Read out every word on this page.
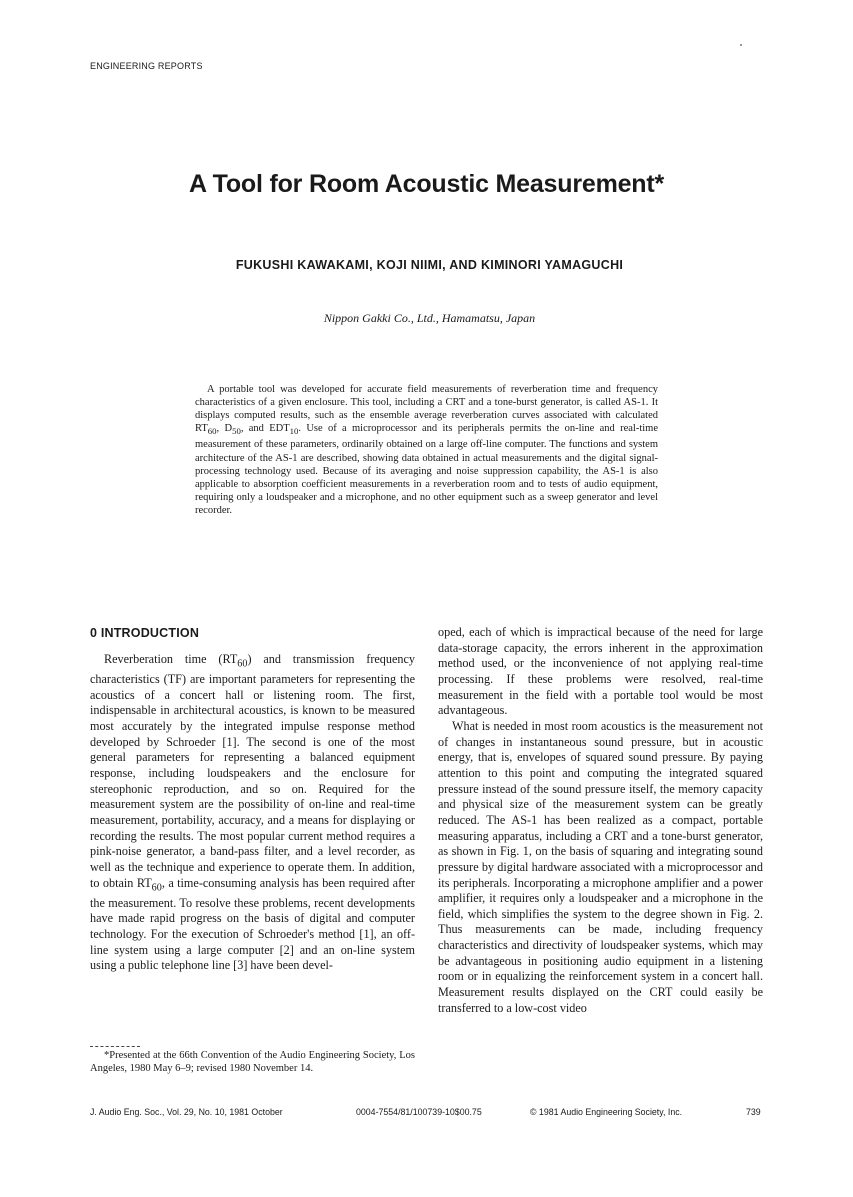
ENGINEERING REPORTS
A Tool for Room Acoustic Measurement*
FUKUSHI KAWAKAMI, KOJI NIIMI, AND KIMINORI YAMAGUCHI
Nippon Gakki Co., Ltd., Hamamatsu, Japan

A portable tool was developed for accurate field measurements of reverberation time and frequency characteristics of a given enclosure. This tool, including a CRT and a tone-burst generator, is called AS-1. It displays computed results, such as the ensemble average reverberation curves associated with calculated $RT_{60}$, $D_{50}$, and $EDT_{10}$. Use of a microprocessor and its peripherals permits the on-line and real-time measurement of these parameters, ordinarily obtained on a large off-line computer. The functions and system architecture of the AS-1 are described, showing data obtained in actual measurements and the digital signal-processing technology used. Because of its averaging and noise suppression capability, the AS-1 is also applicable to absorption coefficient measurements in a reverberation room and to tests of audio equipment, requiring only a loudspeaker and a microphone, and no other equipment such as a sweep generator and level recorder.

0 INTRODUCTION

Reverberation time $(RT_{60})$ and transmission frequency characteristics (TF) are important parameters for representing the acoustics of a concert hall or listening room. The first, indispensable in architectural acoustics, is known to be measured most accurately by the integrated impulse response method developed by Schroeder [1]. The second is one of the most general parameters for representing a balanced equipment response, including loudspeakers and the enclosure for stereophonic reproduction, and so on. Required for the measurement system are the possibility of on-line and real-time measurement, portability, accuracy, and a means for displaying or recording the results. The most popular current method requires a pink-noise generator, a band-pass filter, and a level recorder, as well as the technique and experience to operate them. In addition, to obtain $RT_{60}$, a time-consuming analysis has been required after the measurement. To resolve these problems, recent developments have made rapid progress on the basis of digital and computer technology. For the execution of Schroeder's method [1], an off-line system using a large computer [2] and an on-line system using a public telephone line [3] have been devel-

oped, each of which is impractical because of the need for large data-storage capacity, the errors inherent in the approximation method used, or the inconvenience of not applying real-time processing. If these problems were resolved, real-time measurement in the field with a portable tool would be most advantageous.

What is needed in most room acoustics is the measurement not of changes in instantaneous sound pressure, but in acoustic energy, that is, envelopes of squared sound pressure. By paying attention to this point and computing the integrated squared pressure instead of the sound pressure itself, the memory capacity and physical size of the measurement system can be greatly reduced. The AS-1 has been realized as a compact, portable measuring apparatus, including a CRT and a tone-burst generator, as shown in Fig. 1, on the basis of squaring and integrating sound pressure by digital hardware associated with a microprocessor and its peripherals. Incorporating a microphone amplifier and a power amplifier, it requires only a loudspeaker and a microphone in the field, which simplifies the system to the degree shown in Fig. 2. Thus measurements can be made, including frequency characteristics and directivity of loudspeaker systems, which may be advantageous in positioning audio equipment in a listening room or in equalizing the reinforcement system in a concert hall. Measurement results displayed on the CRT could easily be transferred to a low-cost video

*Presented at the 66th Convention of the Audio Engineering Society, Los Angeles, 1980 May 6–9; revised 1980 November 14.

J. Audio Eng. Soc., Vol. 29, No. 10, 1981 October	0004-7554/81/100739-10$00.75	© 1981 Audio Engineering Society, Inc.	739
